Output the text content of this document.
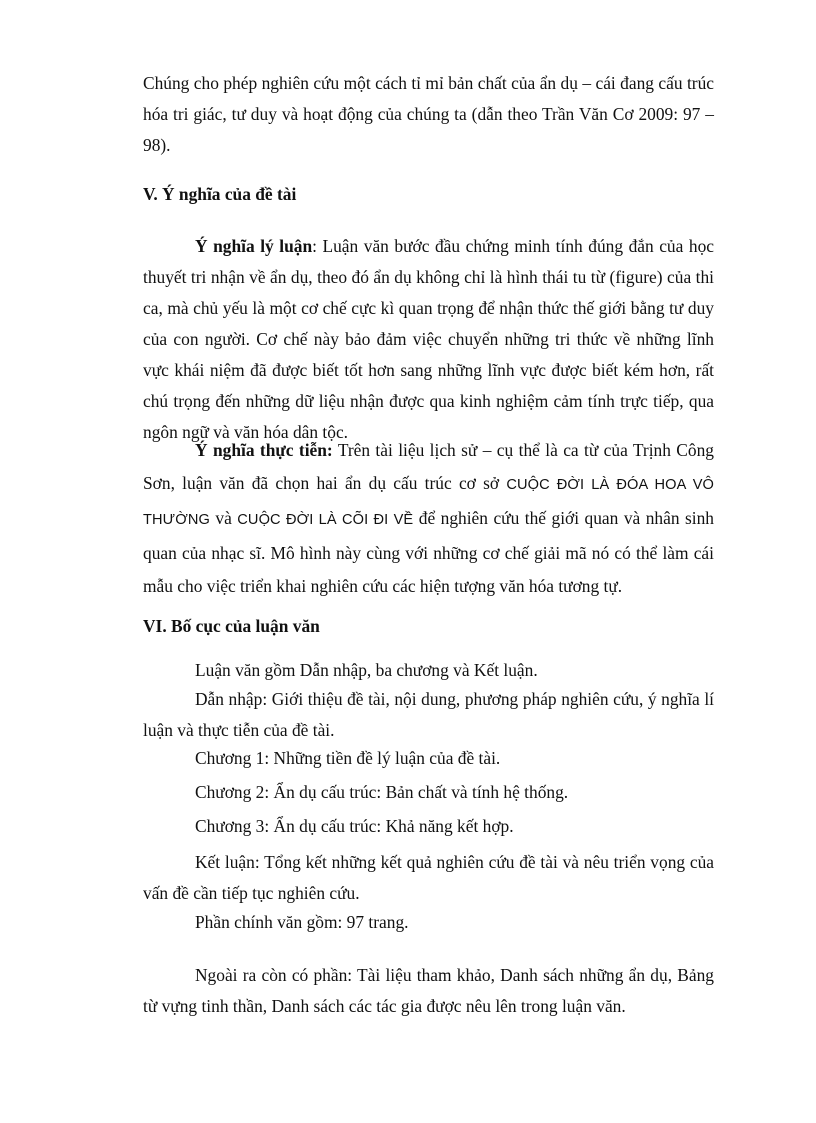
Chúng cho phép nghiên cứu một cách tỉ mỉ bản chất của ẩn dụ – cái đang cấu trúc hóa tri giác, tư duy và hoạt động của chúng ta (dẫn theo Trần Văn Cơ 2009: 97 – 98).

V. Ý nghĩa của đề tài

Ý nghĩa lý luận: Luận văn bước đầu chứng minh tính đúng đắn của học thuyết tri nhận về ẩn dụ, theo đó ẩn dụ không chỉ là hình thái tu từ (figure) của thi ca, mà chủ yếu là một cơ chế cực kì quan trọng để nhận thức thế giới bằng tư duy của con người. Cơ chế này bảo đảm việc chuyển những tri thức về những lĩnh vực khái niệm đã được biết tốt hơn sang những lĩnh vực được biết kém hơn, rất chú trọng đến những dữ liệu nhận được qua kinh nghiệm cảm tính trực tiếp, qua ngôn ngữ và văn hóa dân tộc.

Ý nghĩa thực tiễn: Trên tài liệu lịch sử – cụ thể là ca từ của Trịnh Công Sơn, luận văn đã chọn hai ẩn dụ cấu trúc cơ sở CUỘC ĐỜI LÀ ĐÓA HOA VÔ THƯỜNG và CUỘC ĐỜI LÀ CÕI ĐI VỀ để nghiên cứu thế giới quan và nhân sinh quan của nhạc sĩ. Mô hình này cùng với những cơ chế giải mã nó có thể làm cái mẫu cho việc triển khai nghiên cứu các hiện tượng văn hóa tương tự.

VI. Bố cục của luận văn

Luận văn gồm Dẫn nhập, ba chương và Kết luận.

Dẫn nhập: Giới thiệu đề tài, nội dung, phương pháp nghiên cứu, ý nghĩa lí luận và thực tiễn của đề tài.

Chương 1: Những tiền đề lý luận của đề tài.

Chương 2: Ẩn dụ cấu trúc: Bản chất và tính hệ thống.

Chương 3: Ẩn dụ cấu trúc: Khả năng kết hợp.

Kết luận: Tổng kết những kết quả nghiên cứu đề tài và nêu triển vọng của vấn đề cần tiếp tục nghiên cứu.

Phần chính văn gồm: 97 trang.

Ngoài ra còn có phần: Tài liệu tham khảo, Danh sách những ẩn dụ, Bảng từ vựng tinh thần, Danh sách các tác gia được nêu lên trong luận văn.
